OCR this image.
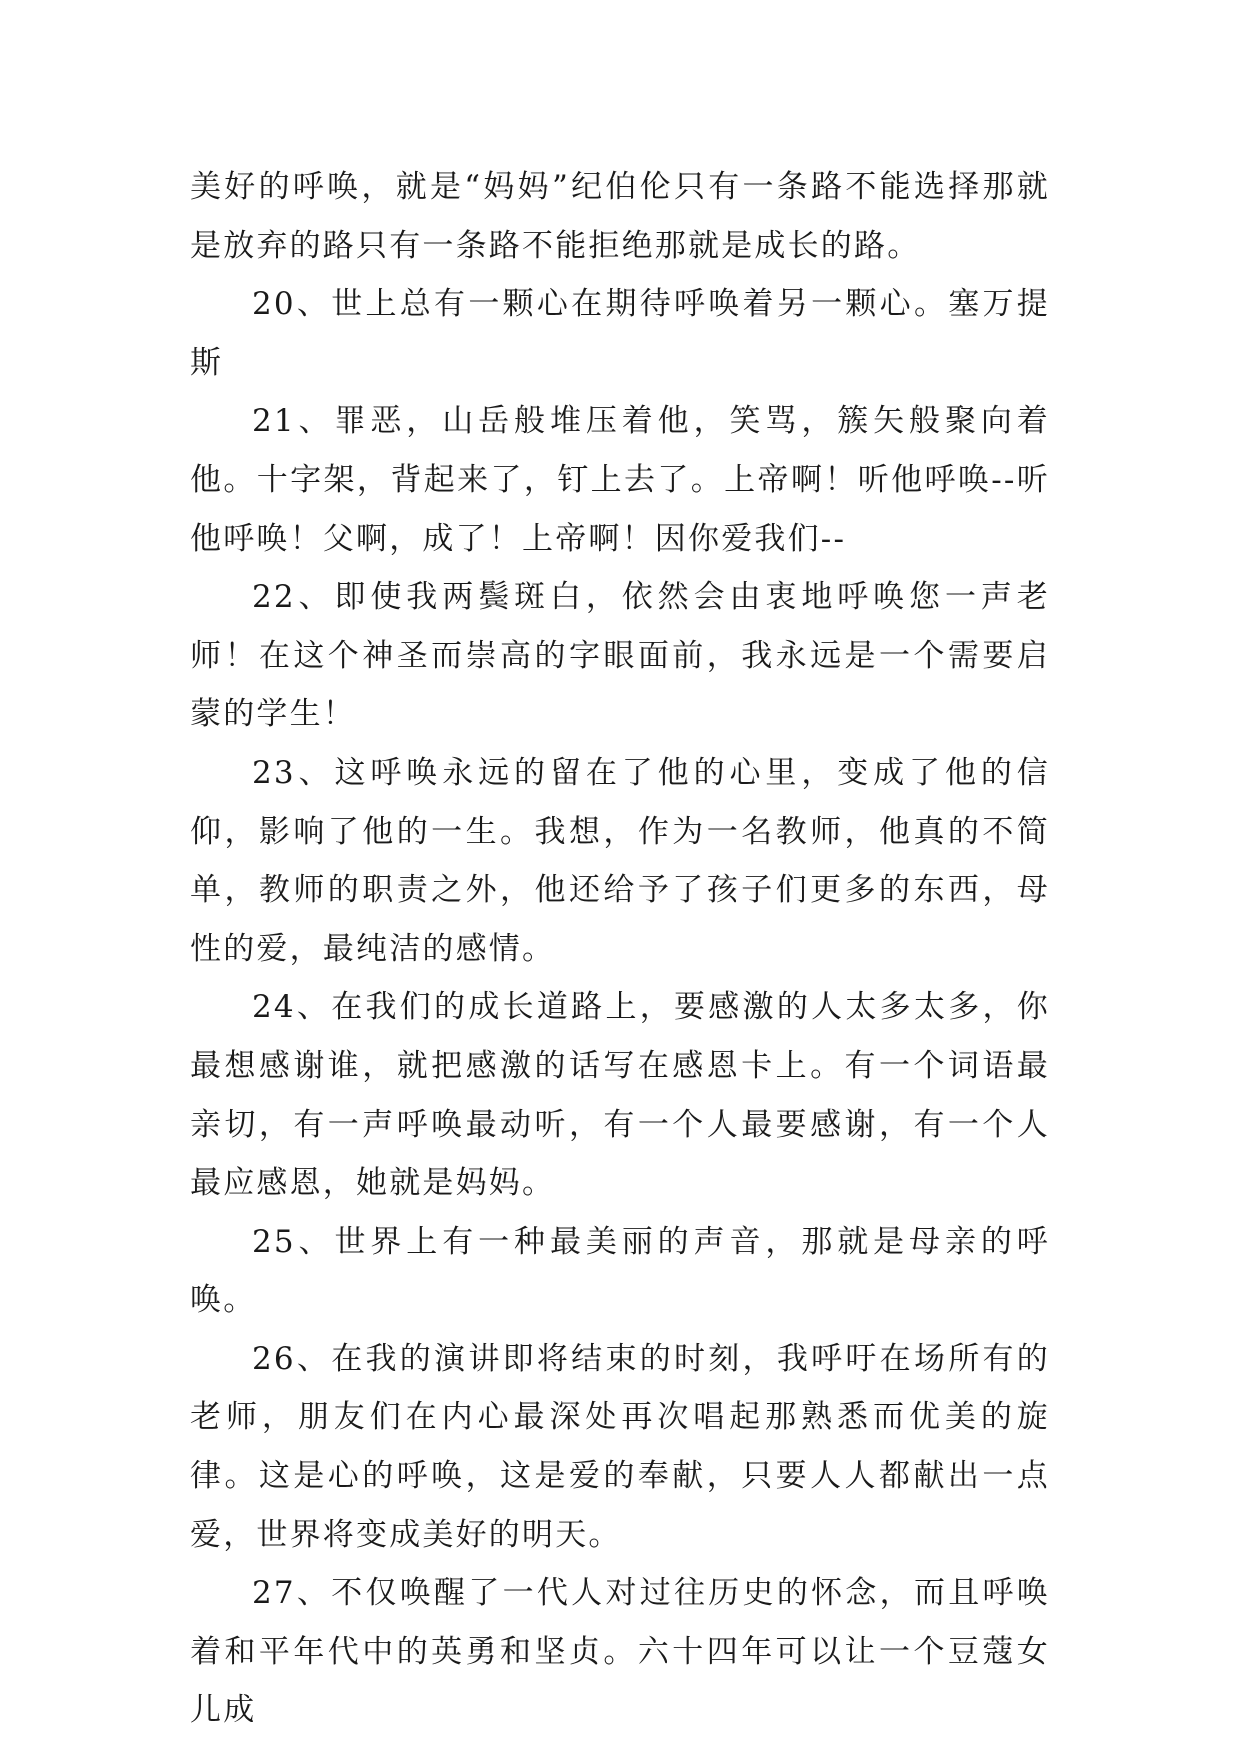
美好的呼唤，就是“妈妈”纪伯伦只有一条路不能选择那就是放弃的路只有一条路不能拒绝那就是成长的路。

20、世上总有一颗心在期待呼唤着另一颗心。塞万提斯

21、罪恶，山岳般堆压着他，笑骂，簇矢般聚向着他。十字架，背起来了，钉上去了。上帝啊！听他呼唤--听他呼唤！父啊，成了！上帝啊！因你爱我们--

22、即使我两鬓斑白，依然会由衷地呼唤您一声老师！在这个神圣而崇高的字眼面前，我永远是一个需要启蒙的学生！

23、这呼唤永远的留在了他的心里，变成了他的信仰，影响了他的一生。我想，作为一名教师，他真的不简单，教师的职责之外，他还给予了孩子们更多的东西，母性的爱，最纯洁的感情。

24、在我们的成长道路上，要感激的人太多太多，你最想感谢谁，就把感激的话写在感恩卡上。有一个词语最亲切，有一声呼唤最动听，有一个人最要感谢，有一个人最应感恩，她就是妈妈。

25、世界上有一种最美丽的声音，那就是母亲的呼唤。

26、在我的演讲即将结束的时刻，我呼吁在场所有的老师，朋友们在内心最深处再次唱起那熟悉而优美的旋律。这是心的呼唤，这是爱的奉献，只要人人都献出一点爱，世界将变成美好的明天。

27、不仅唤醒了一代人对过往历史的怀念，而且呼唤着和平年代中的英勇和坚贞。六十四年可以让一个豆蔻女儿成
